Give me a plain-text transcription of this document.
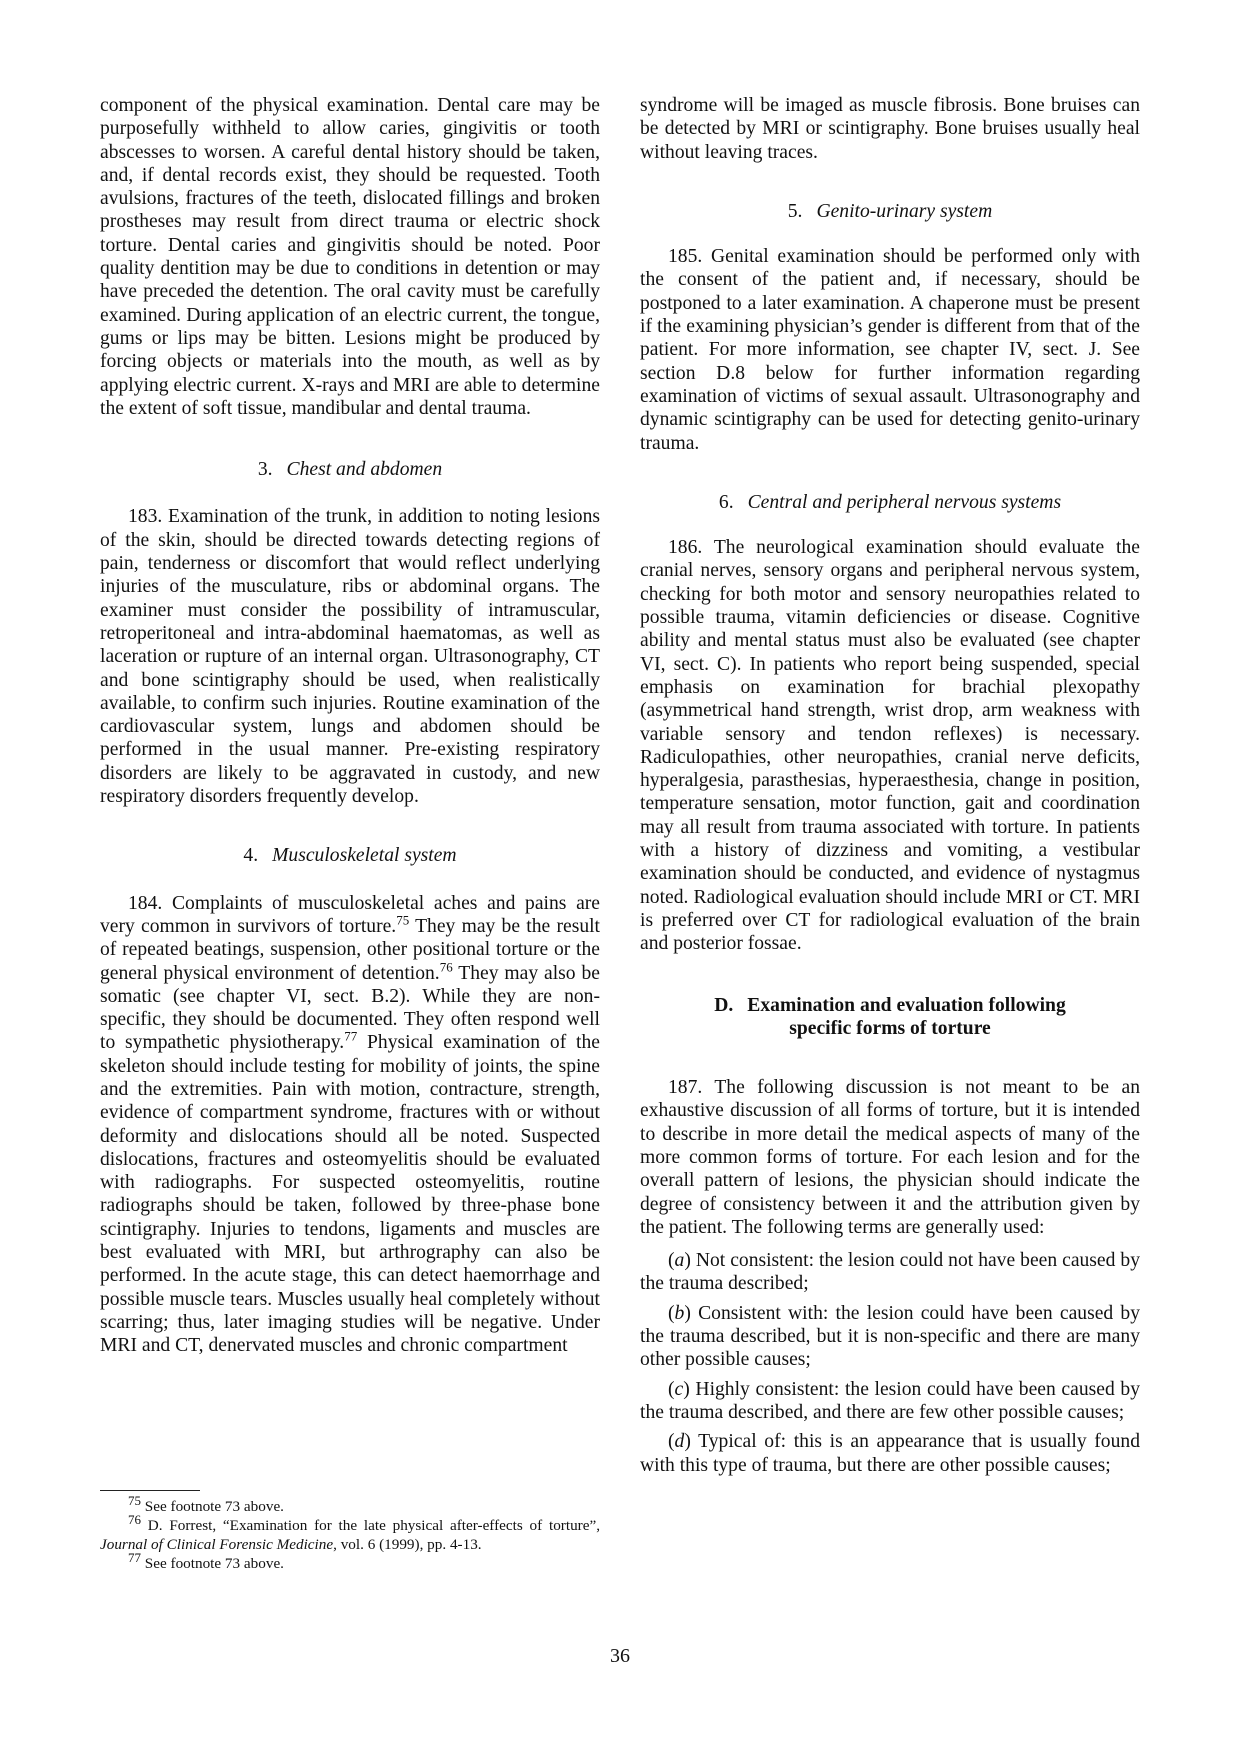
component of the physical examination. Dental care may be purposefully withheld to allow caries, gingivitis or tooth abscesses to worsen. A careful dental history should be taken, and, if dental records exist, they should be requested. Tooth avulsions, fractures of the teeth, dislocated fillings and broken prostheses may result from direct trauma or electric shock torture. Dental caries and gingivitis should be noted. Poor quality dentition may be due to conditions in detention or may have preceded the detention. The oral cavity must be carefully examined. During application of an electric current, the tongue, gums or lips may be bitten. Lesions might be produced by forcing objects or materials into the mouth, as well as by applying electric current. X-rays and MRI are able to determine the extent of soft tissue, mandibular and dental trauma.

3. Chest and abdomen

183. Examination of the trunk, in addition to noting lesions of the skin, should be directed towards detecting regions of pain, tenderness or discomfort that would reflect underlying injuries of the musculature, ribs or abdominal organs. The examiner must consider the possibility of intramuscular, retroperitoneal and intra-abdominal haematomas, as well as laceration or rupture of an internal organ. Ultrasonography, CT and bone scintigraphy should be used, when realistically available, to confirm such injuries. Routine examination of the cardiovascular system, lungs and abdomen should be performed in the usual manner. Pre-existing respiratory disorders are likely to be aggravated in custody, and new respiratory disorders frequently develop.

4. Musculoskeletal system

184. Complaints of musculoskeletal aches and pains are very common in survivors of torture.$^{75}$ They may be the result of repeated beatings, suspension, other positional torture or the general physical environment of detention.$^{76}$ They may also be somatic (see chapter VI, sect. B.2). While they are non-specific, they should be documented. They often respond well to sympathetic physiotherapy.$^{77}$ Physical examination of the skeleton should include testing for mobility of joints, the spine and the extremities. Pain with motion, contracture, strength, evidence of compartment syndrome, fractures with or without deformity and dislocations should all be noted. Suspected dislocations, fractures and osteomyelitis should be evaluated with radiographs. For suspected osteomyelitis, routine radiographs should be taken, followed by three-phase bone scintigraphy. Injuries to tendons, ligaments and muscles are best evaluated with MRI, but arthrography can also be performed. In the acute stage, this can detect haemorrhage and possible muscle tears. Muscles usually heal completely without scarring; thus, later imaging studies will be negative. Under MRI and CT, denervated muscles and chronic compartment

syndrome will be imaged as muscle fibrosis. Bone bruises can be detected by MRI or scintigraphy. Bone bruises usually heal without leaving traces.

5. Genito-urinary system

185. Genital examination should be performed only with the consent of the patient and, if necessary, should be postponed to a later examination. A chaperone must be present if the examining physician’s gender is different from that of the patient. For more information, see chapter IV, sect. J. See section D.8 below for further information regarding examination of victims of sexual assault. Ultrasonography and dynamic scintigraphy can be used for detecting genito-urinary trauma.

6. Central and peripheral nervous systems

186. The neurological examination should evaluate the cranial nerves, sensory organs and peripheral nervous system, checking for both motor and sensory neuropathies related to possible trauma, vitamin deficiencies or disease. Cognitive ability and mental status must also be evaluated (see chapter VI, sect. C). In patients who report being suspended, special emphasis on examination for brachial plexopathy (asymmetrical hand strength, wrist drop, arm weakness with variable sensory and tendon reflexes) is necessary. Radiculopathies, other neuropathies, cranial nerve deficits, hyperalgesia, parasthesias, hyperaesthesia, change in position, temperature sensation, motor function, gait and coordination may all result from trauma associated with torture. In patients with a history of dizziness and vomiting, a vestibular examination should be conducted, and evidence of nystagmus noted. Radiological evaluation should include MRI or CT. MRI is preferred over CT for radiological evaluation of the brain and posterior fossae.

D. Examination and evaluation following
specific forms of torture

187. The following discussion is not meant to be an exhaustive discussion of all forms of torture, but it is intended to describe in more detail the medical aspects of many of the more common forms of torture. For each lesion and for the overall pattern of lesions, the physician should indicate the degree of consistency between it and the attribution given by the patient. The following terms are generally used:

(a) Not consistent: the lesion could not have been caused by the trauma described;

(b) Consistent with: the lesion could have been caused by the trauma described, but it is non-specific and there are many other possible causes;

(c) Highly consistent: the lesion could have been caused by the trauma described, and there are few other possible causes;

(d) Typical of: this is an appearance that is usually found with this type of trauma, but there are other possible causes;

$^{75}$ See footnote 73 above.

$^{76}$ D. Forrest, “Examination for the late physical after-effects of torture”, Journal of Clinical Forensic Medicine, vol. 6 (1999), pp. 4-13.

$^{77}$ See footnote 73 above.

36
